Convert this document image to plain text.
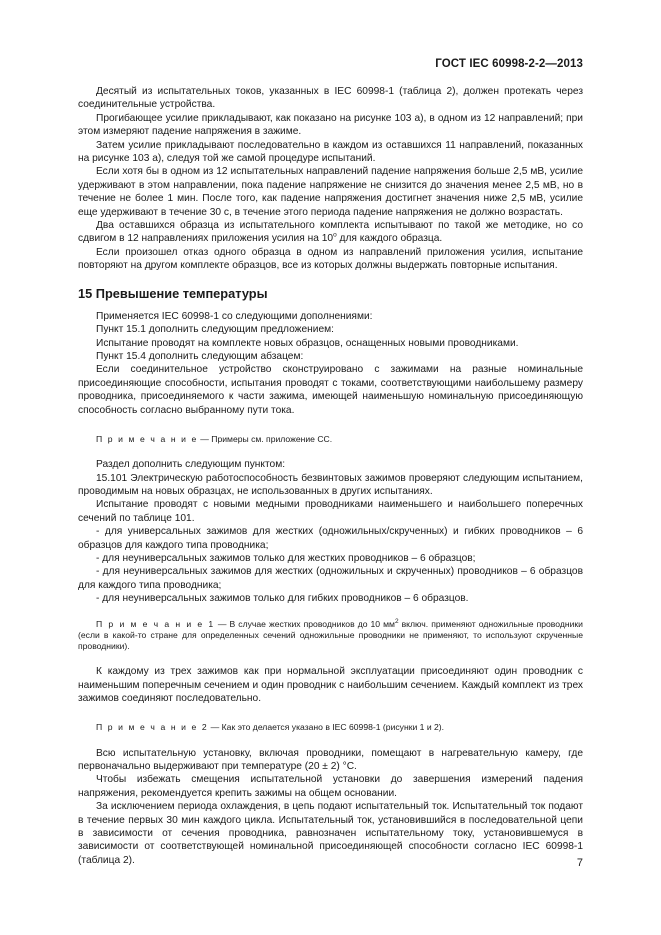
ГОСТ IEC 60998-2-2—2013

Десятый из испытательных токов, указанных в IEC 60998-1 (таблица 2), должен протекать через соединительные устройства.

Прогибающее усилие прикладывают, как показано на рисунке 103 а), в одном из 12 направлений; при этом измеряют падение напряжения в зажиме.

Затем усилие прикладывают последовательно в каждом из оставшихся 11 направлений, показанных на рисунке 103 а), следуя той же самой процедуре испытаний.

Если хотя бы в одном из 12 испытательных направлений падение напряжения больше 2,5 мВ, усилие удерживают в этом направлении, пока падение напряжение не снизится до значения менее 2,5 мВ, но в течение не более 1 мин. После того, как падение напряжения достигнет значения ниже 2,5 мВ, усилие еще удерживают в течение 30 с, в течение этого периода падение напряжения не должно возрастать.

Два оставшихся образца из испытательного комплекта испытывают по такой же методике, но со сдвигом в 12 направлениях приложения усилия на 10$^o$ для каждого образца.

Если произошел отказ одного образца в одном из направлений приложения усилия, испытание повторяют на другом комплекте образцов, все из которых должны выдержать повторные испытания.

15 Превышение температуры

Применяется IEC 60998-1 со следующими дополнениями:

Пункт 15.1 дополнить следующим предложением:

Испытание проводят на комплекте новых образцов, оснащенных новыми проводниками.

Пункт 15.4 дополнить следующим абзацем:

Если соединительное устройство сконструировано с зажимами на разные номинальные присоединяющие способности, испытания проводят с токами, соответствующими наибольшему размеру проводника, присоединяемого к части зажима, имеющей наименьшую номинальную присоединяющую способность согласно выбранному пути тока.

П р и м е ч а н и е — Примеры см. приложение СС.

Раздел дополнить следующим пунктом:

15.101 Электрическую работоспособность безвинтовых зажимов проверяют следующим испытанием, проводимым на новых образцах, не использованных в других испытаниях.

Испытание проводят с новыми медными проводниками наименьшего и наибольшего поперечных сечений по таблице 101.

- для универсальных зажимов для жестких (одножильных/скрученных) и гибких проводников – 6 образцов для каждого типа проводника;

- для неуниверсальных зажимов только для жестких проводников – 6 образцов;

- для неуниверсальных зажимов для жестких (одножильных и скрученных) проводников – 6 образцов для каждого типа проводника;

- для неуниверсальных зажимов только для гибких проводников – 6 образцов.

П р и м е ч а н и е 1 — В случае жестких проводников до 10 $мм^2$ включ. применяют одножильные проводники (если в какой-то стране для определенных сечений одножильные проводники не применяют, то используют скрученные проводники).

К каждому из трех зажимов как при нормальной эксплуатации присоединяют один проводник с наименьшим поперечным сечением и один проводник с наибольшим сечением. Каждый комплект из трех зажимов соединяют последовательно.

П р и м е ч а н и е 2 — Как это делается указано в IEC 60998-1 (рисунки 1 и 2).

Всю испытательную установку, включая проводники, помещают в нагревательную камеру, где первоначально выдерживают при температуре (20 ± 2) °С.

Чтобы избежать смещения испытательной установки до завершения измерений падения напряжения, рекомендуется крепить зажимы на общем основании.

За исключением периода охлаждения, в цепь подают испытательный ток. Испытательный ток подают в течение первых 30 мин каждого цикла. Испытательный ток, установившийся в последовательной цепи в зависимости от сечения проводника, равнозначен испытательному току, установившемуся в зависимости от соответствующей номинальной присоединяющей способности согласно IEC 60998-1 (таблица 2).	7
